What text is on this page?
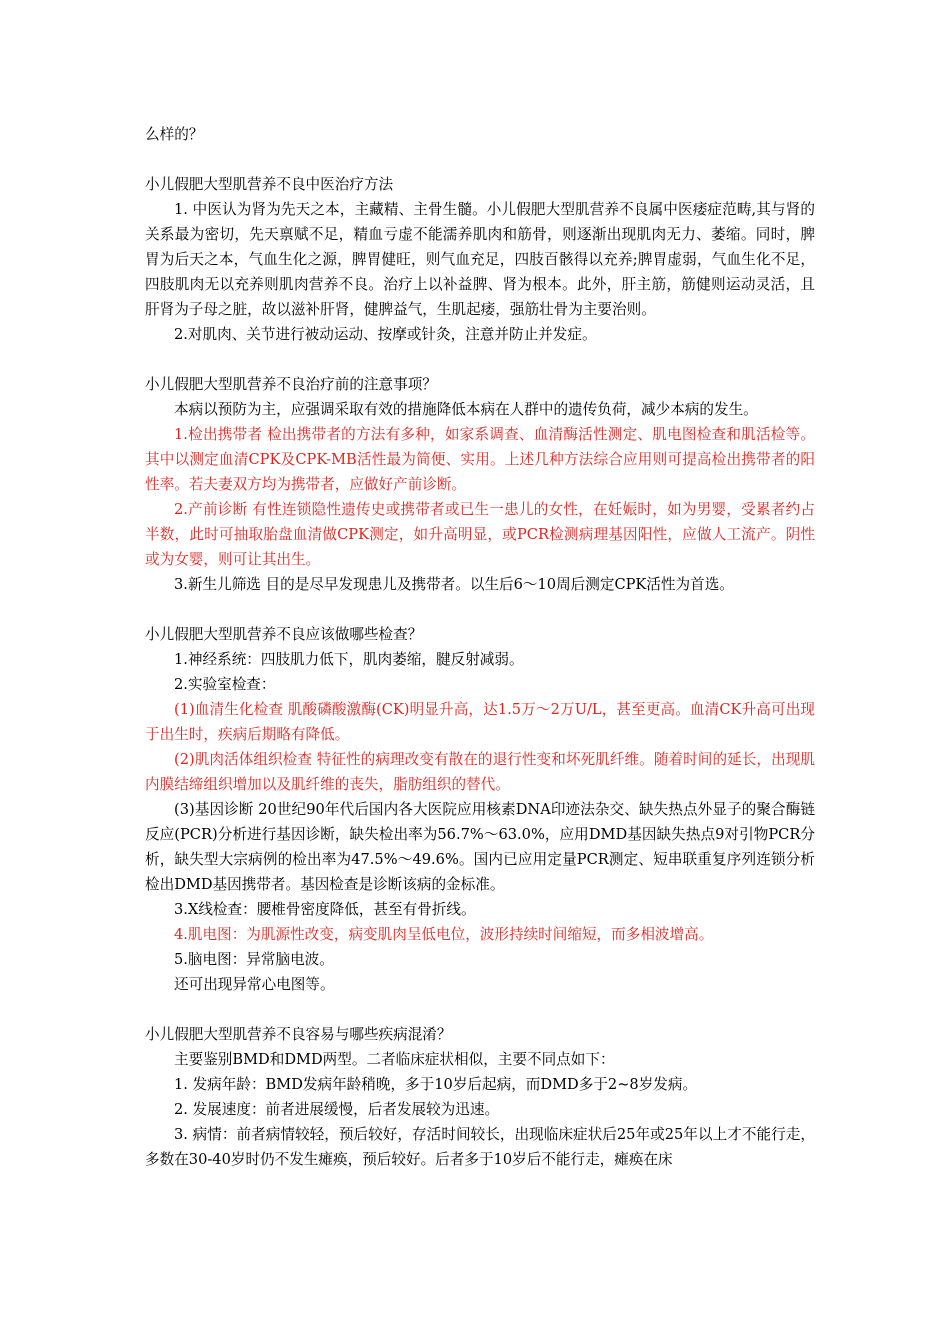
么样的？
小儿假肥大型肌营养不良中医治疗方法
1. 中医认为肾为先天之本，主藏精、主骨生髓。小儿假肥大型肌营养不良属中医痿症范畴,其与肾的关系最为密切，先天禀赋不足，精血亏虚不能濡养肌肉和筋骨，则逐渐出现肌肉无力、萎缩。同时，脾胃为后天之本，气血生化之源，脾胃健旺，则气血充足，四肢百骸得以充养;脾胃虚弱，气血生化不足，四肢肌肉无以充养则肌肉营养不良。治疗上以补益脾、肾为根本。此外，肝主筋，筋健则运动灵活，且肝肾为子母之脏，故以滋补肝肾，健脾益气，生肌起痿，强筋壮骨为主要治则。
2.对肌肉、关节进行被动运动、按摩或针灸，注意并防止并发症。
小儿假肥大型肌营养不良治疗前的注意事项？
本病以预防为主，应强调采取有效的措施降低本病在人群中的遗传负荷，减少本病的发生。
1.检出携带者 检出携带者的方法有多种，如家系调查、血清酶活性测定、肌电图检查和肌活检等。其中以测定血清CPK及CPK-MB活性最为简便、实用。上述几种方法综合应用则可提高检出携带者的阳性率。若夫妻双方均为携带者，应做好产前诊断。
2.产前诊断 有性连锁隐性遗传史或携带者或已生一患儿的女性，在妊娠时，如为男婴，受累者约占半数，此时可抽取胎盘血清做CPK测定，如升高明显，或PCR检测病理基因阳性，应做人工流产。阴性或为女婴，则可让其出生。
3.新生儿筛选 目的是尽早发现患儿及携带者。以生后6～10周后测定CPK活性为首选。
小儿假肥大型肌营养不良应该做哪些检查？
1.神经系统：四肢肌力低下，肌肉萎缩，腱反射减弱。
2.实验室检查：
(1)血清生化检查 肌酸磷酸激酶(CK)明显升高，达1.5万～2万U/L，甚至更高。血清CK升高可出现于出生时，疾病后期略有降低。
(2)肌肉活体组织检查 特征性的病理改变有散在的退行性变和坏死肌纤维。随着时间的延长，出现肌内膜结缔组织增加以及肌纤维的丧失，脂肪组织的替代。
(3)基因诊断 20世纪90年代后国内各大医院应用核素DNA印迹法杂交、缺失热点外显子的聚合酶链反应(PCR)分析进行基因诊断，缺失检出率为56.7%～63.0%，应用DMD基因缺失热点9对引物PCR分析，缺失型大宗病例的检出率为47.5%～49.6%。国内已应用定量PCR测定、短串联重复序列连锁分析检出DMD基因携带者。基因检查是诊断该病的金标准。
3.X线检查：腰椎骨密度降低，甚至有骨折线。
4.肌电图：为肌源性改变，病变肌肉呈低电位，波形持续时间缩短，而多相波增高。
5.脑电图：异常脑电波。
还可出现异常心电图等。
小儿假肥大型肌营养不良容易与哪些疾病混淆？
主要鉴别BMD和DMD两型。二者临床症状相似，主要不同点如下：
1. 发病年龄：BMD发病年龄稍晚，多于10岁后起病，而DMD多于2~8岁发病。
2. 发展速度：前者进展缓慢，后者发展较为迅速。
3. 病情：前者病情较轻，预后较好，存活时间较长，出现临床症状后25年或25年以上才不能行走，多数在30-40岁时仍不发生瘫痪，预后较好。后者多于10岁后不能行走，瘫痪在床
